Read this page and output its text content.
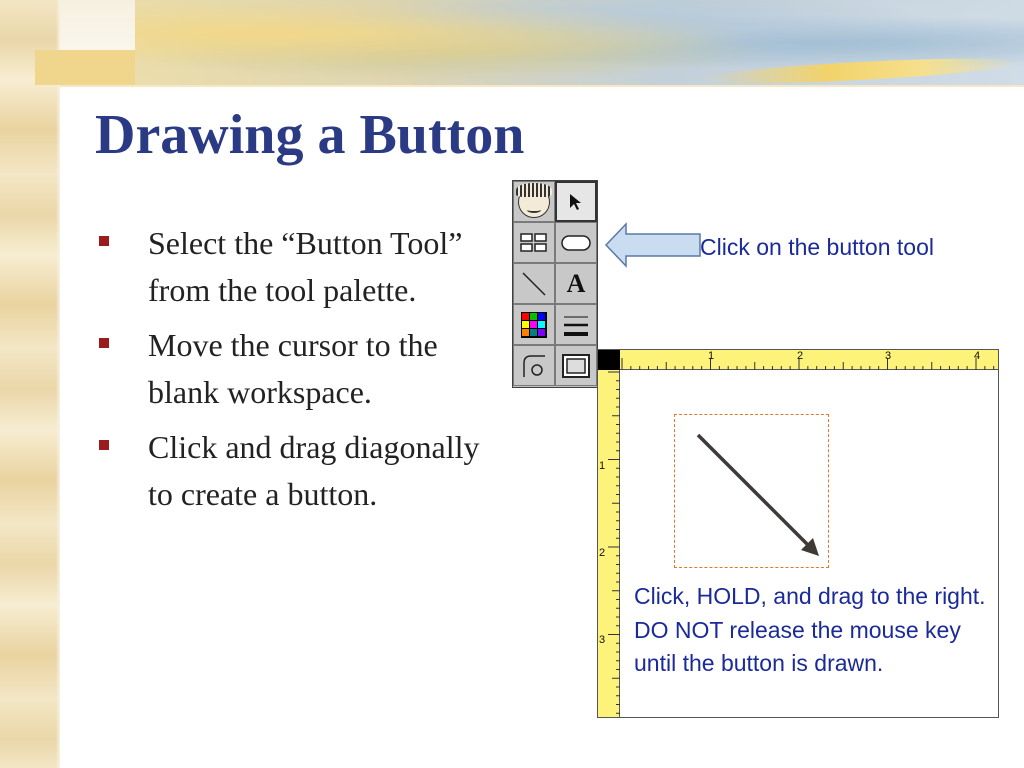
Drawing a Button
Select the “Button Tool” from the tool palette.
Move the cursor to the blank workspace.
Click and drag diagonally to create a button.
A
Click on the button tool
1	2	3	4
1
2
3
Click, HOLD, and drag to the right. DO NOT release the mouse key until the button is drawn.
